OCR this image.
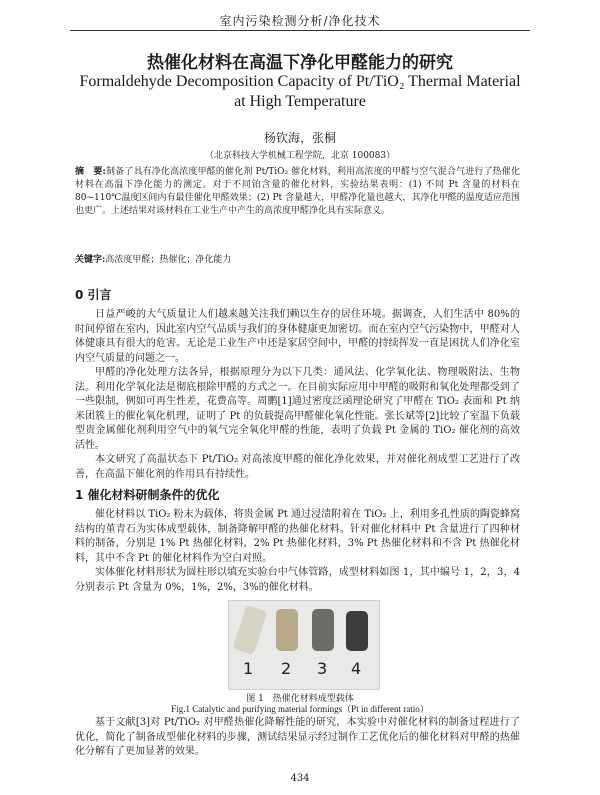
室内污染检测分析/净化技术
热催化材料在高温下净化甲醛能力的研究
Formaldehyde Decomposition Capacity of Pt/TiO₂ Thermal Material
at High Temperature
杨钦海，张桐
（北京科技大学机械工程学院，北京 100083）
摘　要:制备了具有净化高浓度甲醛的催化剂 Pt/TiO₂ 催化材料，利用高浓度的甲醛与空气混合气进行了热催化材料在高温下净化能力的测定。对于不同铂含量的催化材料，实验结果表明：(1) 不同 Pt 含量的材料在 80~110℃温度区间内有最佳催化甲醛效果；(2) Pt 含量越大，甲醛净化量也越大，其净化甲醛的温度适应范围也更广。上述结果对该材料在工业生产中产生的高浓度甲醛净化具有实际意义。
关键字:高浓度甲醛；热催化；净化能力
0 引言
日益严峻的大气质量让人们越来越关注我们赖以生存的居住环境。据调查，人们生活中 80%的时间停留在室内，因此室内空气品质与我们的身体健康更加密切。而在室内空气污染物中，甲醛对人体健康具有很大的危害。无论是工业生产中还是家居空间中，甲醛的持续挥发一直是困扰人们净化室内空气质量的问题之一。
甲醛的净化处理方法各异，根据原理分为以下几类：通风法、化学氧化法、物理吸附法、生物法。利用化学氧化法是彻底根除甲醛的方式之一。在目前实际应用中甲醛的吸附和氧化处理都受到了一些限制，例如可再生性差，花费高等。周鹏[1]通过密度泛函理论研究了甲醛在 TiO₂ 表面和 Pt 纳米团簇上的催化氧化机理，证明了 Pt 的负载提高甲醛催化氧化性能。张长斌等[2]比较了室温下负载型贵金属催化剂利用空气中的氧气完全氧化甲醛的性能，表明了负载 Pt 金属的 TiO₂ 催化剂的高效活性。
本文研究了高温状态下 Pt/TiO₂ 对高浓度甲醛的催化净化效果，并对催化剂成型工艺进行了改善，在高温下催化剂的作用具有持续性。
1 催化材料研制条件的优化
催化材料以 TiO₂ 粉末为载体，将贵金属 Pt 通过浸渍附着在 TiO₂ 上，利用多孔性质的陶瓷蜂窝结构的堇青石为实体成型载体，制备降解甲醛的热催化材料。针对催化材料中 Pt 含量进行了四种材料的制备，分别是 1% Pt 热催化材料，2% Pt 热催化材料，3% Pt 热催化材料和不含 Pt 热催化材料，其中不含 Pt 的催化材料作为空白对照。
实体催化材料形状为圆柱形以填充实验台中气体管路，成型材料如图 1，其中编号 1，2，3，4 分别表示 Pt 含量为 0%，1%，2%，3%的催化材料。
1 2 3 4
图 1　热催化材料成型载体
Fig.1 Catalytic and purifying material formings（Pt in different ratio）
基于文献[3]对 Pt/TiO₂ 对甲醛热催化降解性能的研究，本实验中对催化材料的制备过程进行了优化，简化了制备成型催化材料的步骤，测试结果显示经过制作工艺优化后的催化材料对甲醛的热催化分解有了更加显著的效果。
434
